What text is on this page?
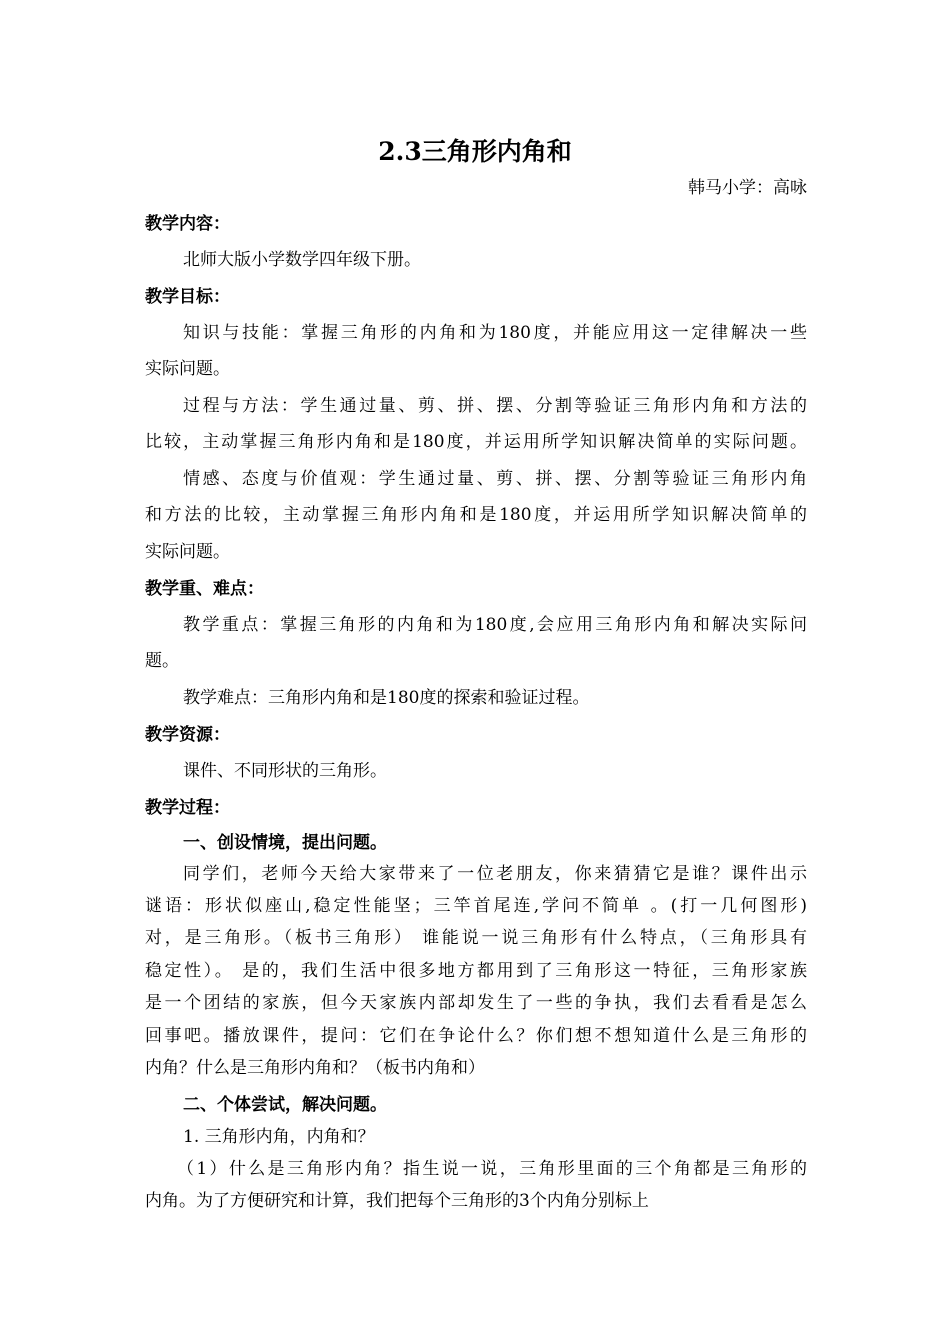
2.3三角形内角和
韩马小学：高咏
教学内容：
北师大版小学数学四年级下册。
教学目标：
知识与技能：掌握三角形的内角和为180度，并能应用这一定律解决一些
实际问题。
过程与方法：学生通过量、剪、拼、摆、分割等验证三角形内角和方法的
比较，主动掌握三角形内角和是180度，并运用所学知识解决简单的实际问题。
情感、态度与价值观：学生通过量、剪、拼、摆、分割等验证三角形内角
和方法的比较，主动掌握三角形内角和是180度，并运用所学知识解决简单的
实际问题。
教学重、难点：
教学重点：掌握三角形的内角和为180度,会应用三角形内角和解决实际问
题。
教学难点：三角形内角和是180度的探索和验证过程。
教学资源：
课件、不同形状的三角形。
教学过程：
一、创设情境，提出问题。
同学们，老师今天给大家带来了一位老朋友，你来猜猜它是谁？课件出示
谜语：形状似座山,稳定性能坚；三竿首尾连,学问不简单 。(打一几何图形)
对，是三角形。（板书三角形） 谁能说一说三角形有什么特点，（三角形具有
稳定性）。 是的，我们生活中很多地方都用到了三角形这一特征，三角形家族
是一个团结的家族，但今天家族内部却发生了一些的争执，我们去看看是怎么
回事吧。播放课件，提问：它们在争论什么？你们想不想知道什么是三角形的
内角？什么是三角形内角和？（板书内角和）
二、个体尝试，解决问题。
1. 三角形内角，内角和？
（1）什么是三角形内角？指生说一说，三角形里面的三个角都是三角形的
内角。为了方便研究和计算，我们把每个三角形的3个内角分别标上
